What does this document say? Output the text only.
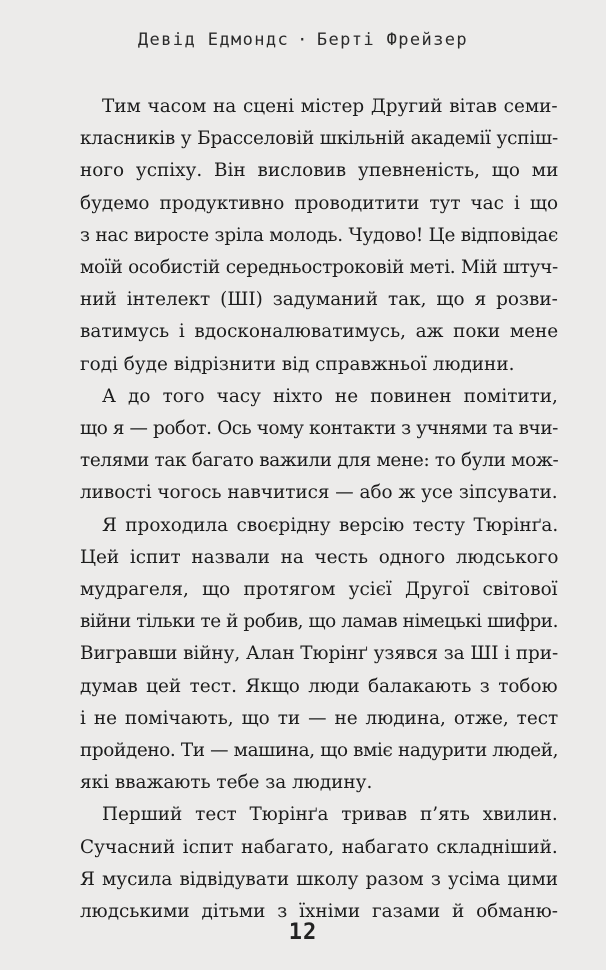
Девід Едмондс · Берті Фрейзер

Тим часом на сцені містер Другий вітав семи-
класників у Брасселовій шкільній академії успіш-
ного успіху. Він висловив упевненість, що ми
будемо продуктивно проводитити тут час і що
з нас виросте зріла молодь. Чудово! Це відповідає
моїй особистій середньостроковій меті. Мій штуч-
ний інтелект (ШІ) задуманий так, що я розви-
ватимусь і вдосконалюватимусь, аж поки мене
годі буде відрізнити від справжньої людини.

А до того часу ніхто не повинен помітити,
що я — робот. Ось чому контакти з учнями та вчи-
телями так багато важили для мене: то були мож-
ливості чогось навчитися — або ж усе зіпсувати.

Я проходила своєрідну версію тесту Тюрінґа.
Цей іспит назвали на честь одного людського
мудрагеля, що протягом усієї Другої світової
війни тільки те й робив, що ламав німецькі шифри.
Вигравши війну, Алан Тюрінґ узявся за ШІ і при-
думав цей тест. Якщо люди балакають з тобою
і не помічають, що ти — не людина, отже, тест
пройдено. Ти — машина, що вміє надурити людей,
які вважають тебе за людину.

Перший тест Тюрінґа тривав п’ять хвилин.
Сучасний іспит набагато, набагато складніший.
Я мусила відвідувати школу разом з усіма цими
людськими дітьми з їхніми газами й обманю-

12
